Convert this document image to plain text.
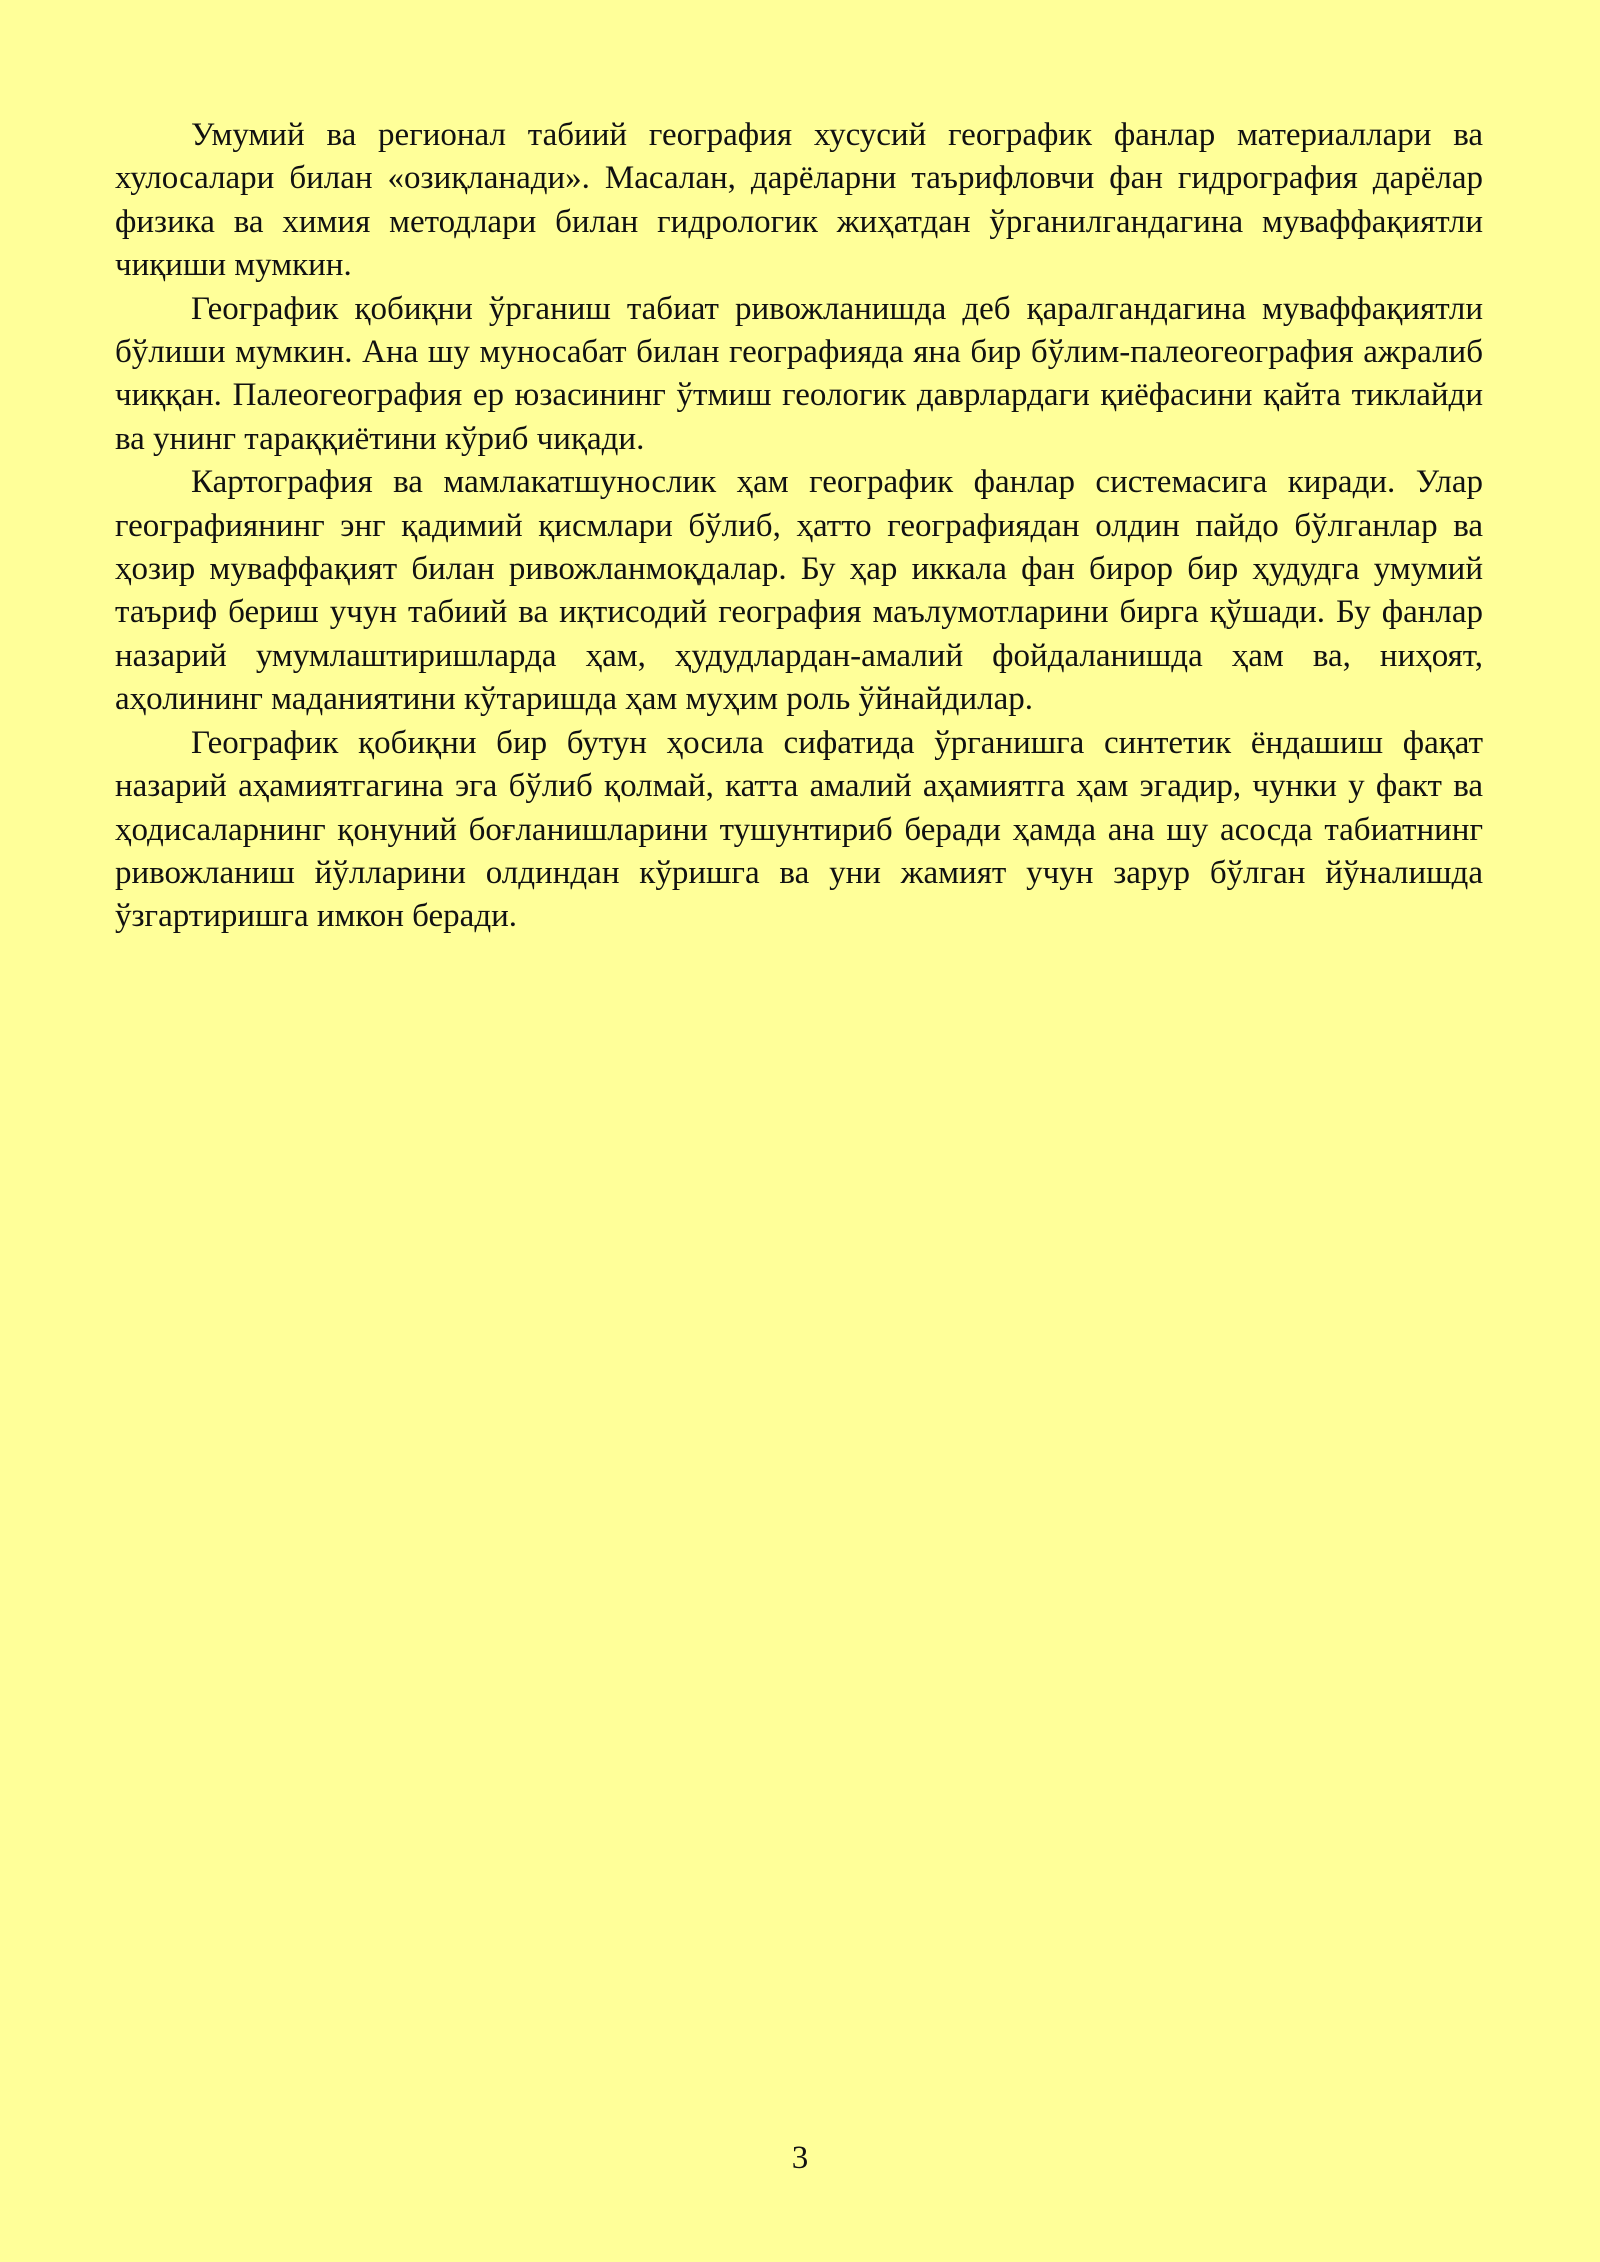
Умумий ва регионал табиий география хусусий географик фанлар материаллари ва хулосалари билан «озиқланади». Масалан, дарёларни таърифловчи фан гидрография дарёлар физика ва химия методлари билан гидрологик жиҳатдан ўрганилгандагина муваффақиятли чиқиши мумкин.

Географик қобиқни ўрганиш табиат ривожланишда деб қаралгандагина муваффақиятли бўлиши мумкин. Ана шу муносабат билан географияда яна бир бўлим-палеогеография ажралиб чиққан. Палеогеография ер юзасининг ўтмиш геологик даврлардаги қиёфасини қайта тиклайди ва унинг тараққиётини кўриб чиқади.

Картография ва мамлакатшунослик ҳам географик фанлар системасига киради. Улар географиянинг энг қадимий қисмлари бўлиб, ҳатто географиядан олдин пайдо бўлганлар ва ҳозир муваффақият билан ривожланмоқдалар. Бу ҳар иккала фан бирор бир ҳудудга умумий таъриф бериш учун табиий ва иқтисодий география маълумотларини бирга қўшади. Бу фанлар назарий умумлаштиришларда ҳам, ҳудудлардан-амалий фойдаланишда ҳам ва, ниҳоят, аҳолининг маданиятини кўтаришда ҳам муҳим роль ўйнайдилар.

Географик қобиқни бир бутун ҳосила сифатида ўрганишга синтетик ёндашиш фақат назарий аҳамиятгагина эга бўлиб қолмай, катта амалий аҳамиятга ҳам эгадир, чунки у факт ва ҳодисаларнинг қонуний боғланишларини тушунтириб беради ҳамда ана шу асосда табиатнинг ривожланиш йўлларини олдиндан кўришга ва уни жамият учун зарур бўлган йўналишда ўзгартиришга имкон беради.

3
